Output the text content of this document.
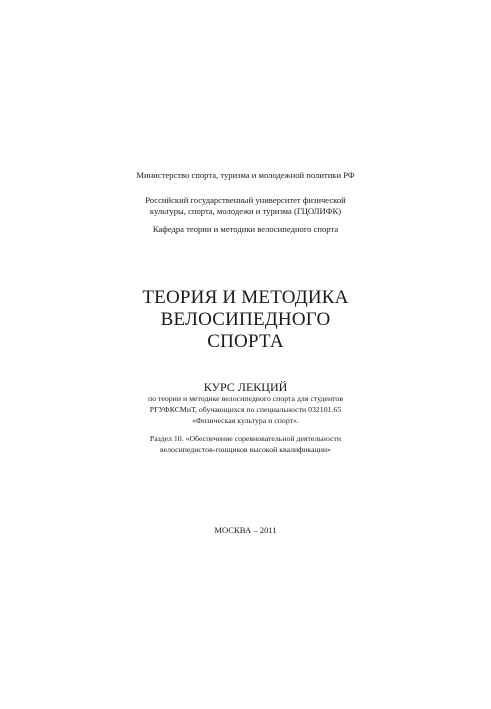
Министерство спорта, туризма и молодежной политики РФ

Российский государственный университет физической

культуры, спорта, молодежи и туризма (ГЦОЛИФК)

Кафедра теории и методики велосипедного спорта

ТЕОРИЯ И МЕТОДИКА

ВЕЛОСИПЕДНОГО

СПОРТА

КУРС ЛЕКЦИЙ

по теории и методике велосипедного спорта для студентов

РГУФКСМиТ, обучающихся по специальности 032101.65

«Физическая культура и спорт».

Раздел 10. «Обеспечение соревновательной деятельности

велосипедистов-гонщиков высокой квалификации»

МОСКВА – 2011
